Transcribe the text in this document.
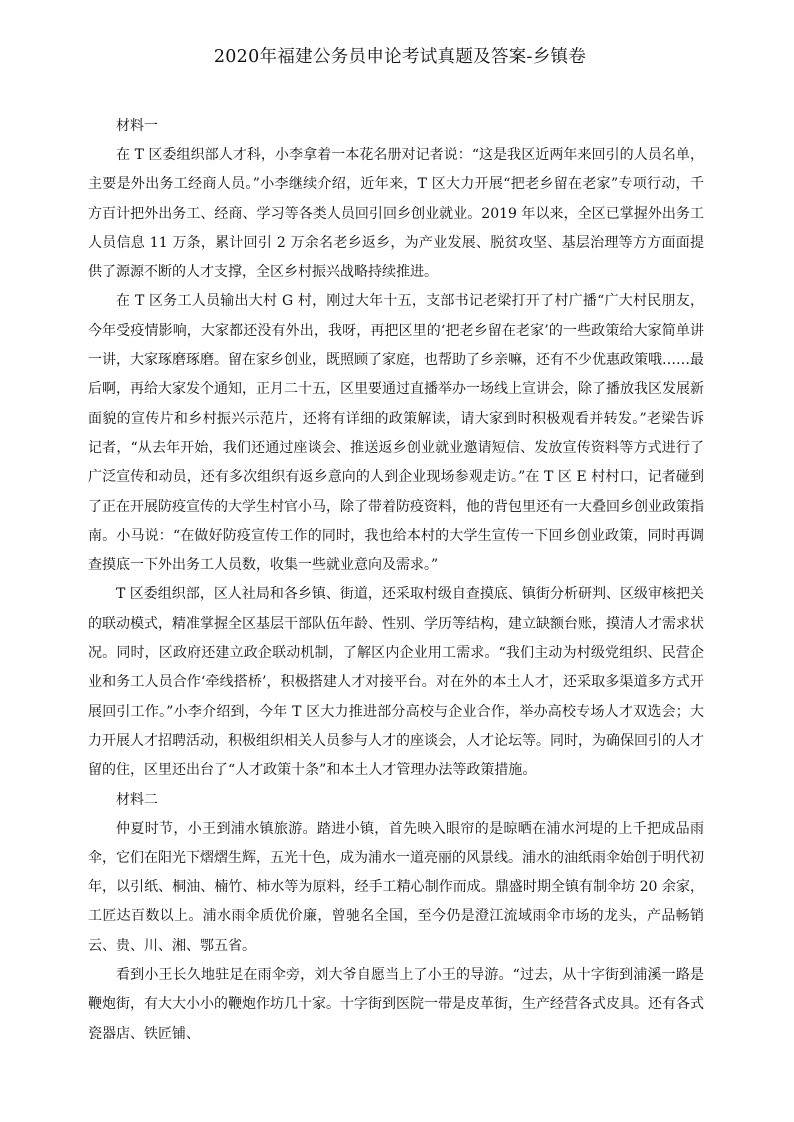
2020年福建公务员申论考试真题及答案-乡镇卷

材料一

在 T 区委组织部人才科，小李拿着一本花名册对记者说：“这是我区近两年来回引的人员名单，主要是外出务工经商人员。”小李继续介绍，近年来，T 区大力开展“把老乡留在老家”专项行动，千方百计把外出务工、经商、学习等各类人员回引回乡创业就业。2019 年以来，全区已掌握外出务工人员信息 11 万条，累计回引 2 万余名老乡返乡，为产业发展、脱贫攻坚、基层治理等方方面面提供了源源不断的人才支撑，全区乡村振兴战略持续推进。

在 T 区务工人员输出大村 G 村，刚过大年十五，支部书记老梁打开了村广播“广大村民朋友，今年受疫情影响，大家都还没有外出，我呀，再把区里的‘把老乡留在老家’的一些政策给大家简单讲一讲，大家琢磨琢磨。留在家乡创业，既照顾了家庭，也帮助了乡亲嘛，还有不少优惠政策哦……最后啊，再给大家发个通知，正月二十五，区里要通过直播举办一场线上宣讲会，除了播放我区发展新面貌的宣传片和乡村振兴示范片，还将有详细的政策解读，请大家到时积极观看并转发。”老梁告诉记者，“从去年开始，我们还通过座谈会、推送返乡创业就业邀请短信、发放宣传资料等方式进行了广泛宣传和动员，还有多次组织有返乡意向的人到企业现场参观走访。”在 T 区 E 村村口，记者碰到了正在开展防疫宣传的大学生村官小马，除了带着防疫资料，他的背包里还有一大叠回乡创业政策指南。小马说：“在做好防疫宣传工作的同时，我也给本村的大学生宣传一下回乡创业政策，同时再调查摸底一下外出务工人员数，收集一些就业意向及需求。”

T 区委组织部，区人社局和各乡镇、街道，还采取村级自查摸底、镇街分析研判、区级审核把关的联动模式，精准掌握全区基层干部队伍年龄、性别、学历等结构，建立缺额台账，摸清人才需求状况。同时，区政府还建立政企联动机制，了解区内企业用工需求。“我们主动为村级党组织、民营企业和务工人员合作‘牵线搭桥’，积极搭建人才对接平台。对在外的本土人才，还采取多渠道多方式开展回引工作。”小李介绍到，今年 T 区大力推进部分高校与企业合作，举办高校专场人才双选会；大力开展人才招聘活动，积极组织相关人员参与人才的座谈会，人才论坛等。同时，为确保回引的人才留的住，区里还出台了“人才政策十条”和本土人才管理办法等政策措施。

材料二

仲夏时节，小王到浦水镇旅游。踏进小镇，首先映入眼帘的是晾晒在浦水河堤的上千把成品雨伞，它们在阳光下熠熠生辉，五光十色，成为浦水一道亮丽的风景线。浦水的油纸雨伞始创于明代初年，以引纸、桐油、楠竹、柿水等为原料，经手工精心制作而成。鼎盛时期全镇有制伞坊 20 余家，工匠达百数以上。浦水雨伞质优价廉，曾驰名全国，至今仍是澄江流域雨伞市场的龙头，产品畅销云、贵、川、湘、鄂五省。

看到小王长久地驻足在雨伞旁，刘大爷自愿当上了小王的导游。“过去，从十字街到浦溪一路是鞭炮街，有大大小小的鞭炮作坊几十家。十字街到医院一带是皮革街，生产经营各式皮具。还有各式瓷器店、铁匠铺、
